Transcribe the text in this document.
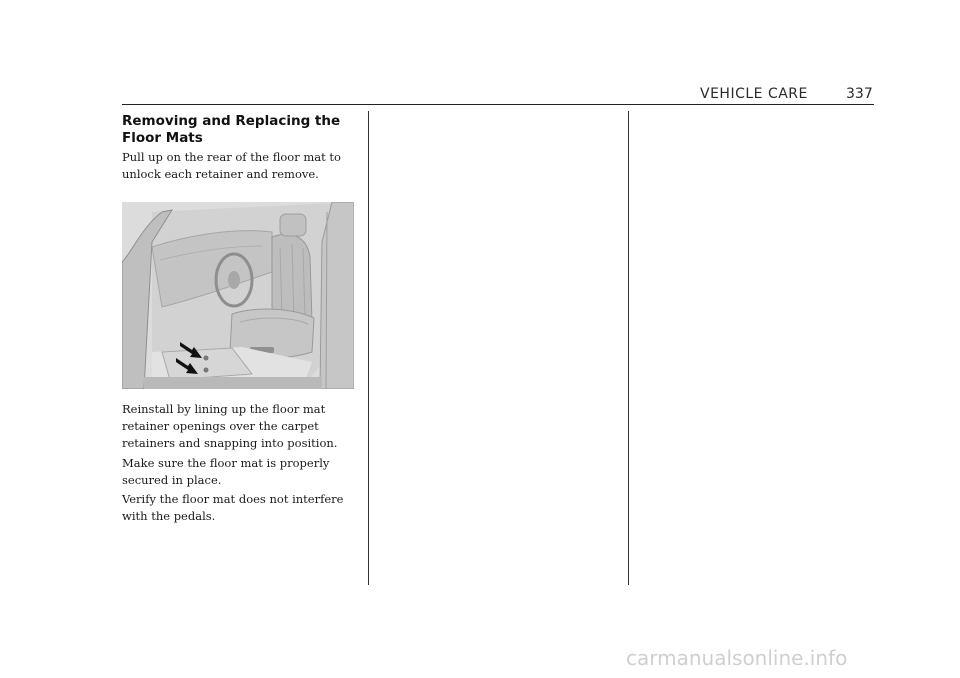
VEHICLE CARE	337
Removing and Replacing the Floor Mats

Pull up on the rear of the floor mat to unlock each retainer and remove.

Reinstall by lining up the floor mat retainer openings over the carpet retainers and snapping into position.

Make sure the floor mat is properly secured in place.

Verify the floor mat does not interfere with the pedals.

carmanualsonline.info
